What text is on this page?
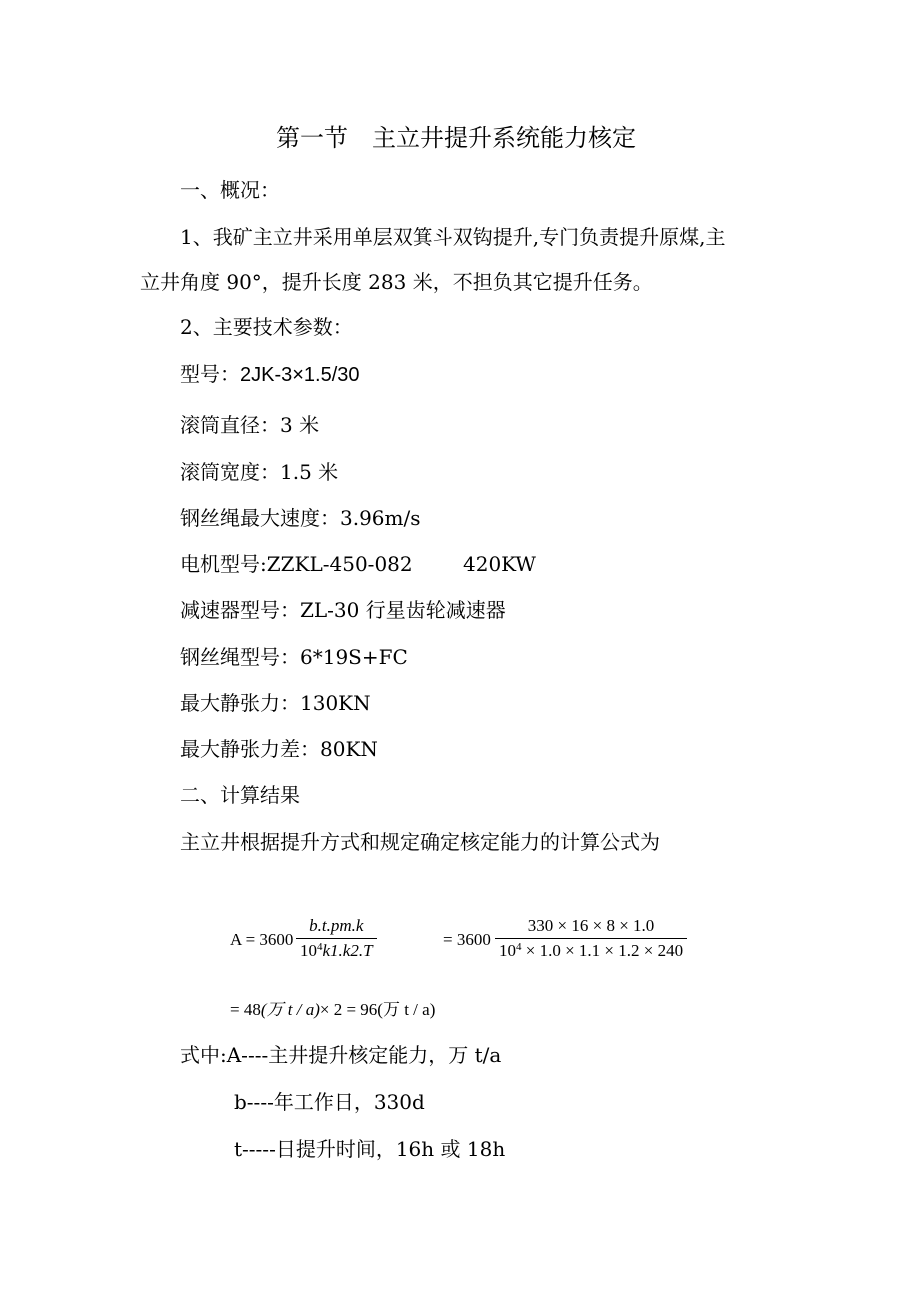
第一节　主立井提升系统能力核定
一、概况：
1、我矿主立井采用单层双箕斗双钩提升,专门负责提升原煤,主
立井角度 90°，提升长度 283 米，不担负其它提升任务。
2、主要技术参数：
型号：2JK-3×1.5/30
滚筒直径：3 米
滚筒宽度：1.5 米
钢丝绳最大速度：3.96m/s
电机型号:ZZKL-450-082	420KW
减速器型号：ZL-30 行星齿轮减速器
钢丝绳型号：6*19S+FC
最大静张力：130KN
最大静张力差：80KN
二、计算结果
主立井根据提升方式和规定确定核定能力的计算公式为
A = 3600
b.t.pm.k
$10^4k1.k2.T$
= 3600
330 × 16 × 8 × 1.0
$10^4 \times 1.0 \times 1.1 \times 1.2 \times 240$
= 48(万 t / a)× 2 = 96(万 t / a)
式中:A----主井提升核定能力，万 t/a
b----年工作日，330d
t-----日提升时间，16h 或 18h
